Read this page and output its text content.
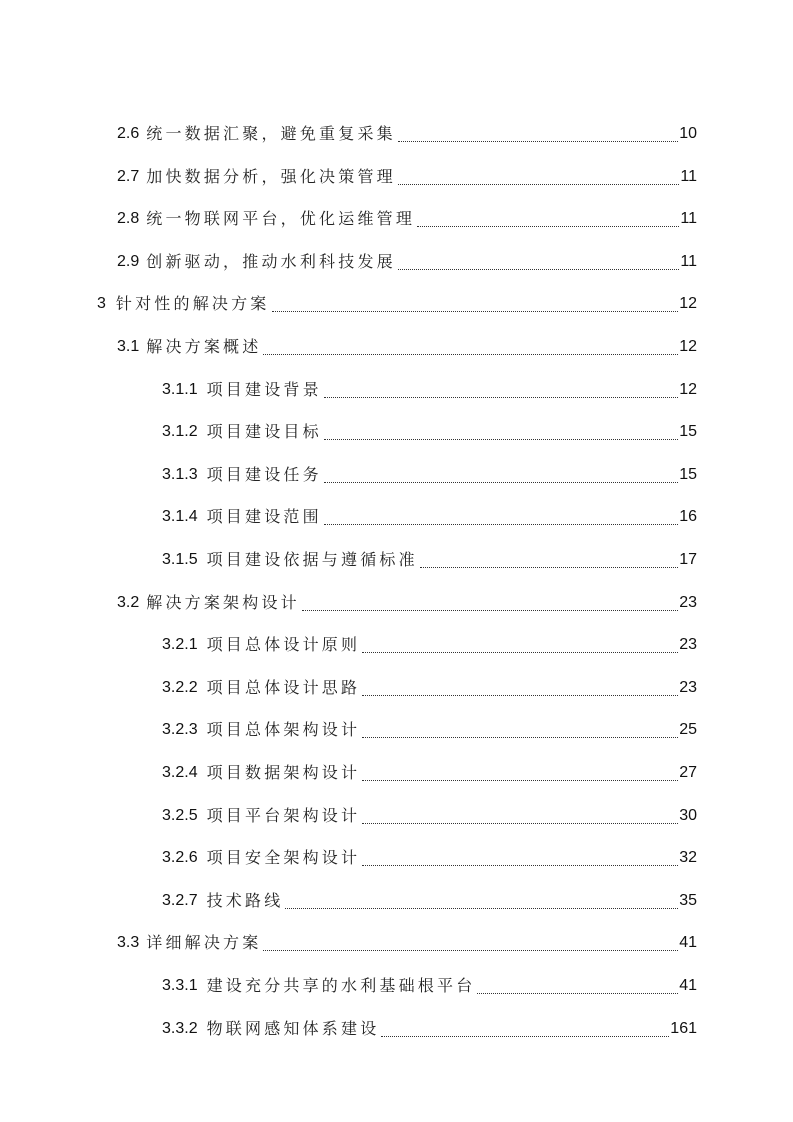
2.6 统一数据汇聚，避免重复采集	10
2.7 加快数据分析，强化决策管理	11
2.8 统一物联网平台，优化运维管理	11
2.9 创新驱动，推动水利科技发展	11
3 针对性的解决方案	12
3.1 解决方案概述	12
3.1.1 项目建设背景	12
3.1.2 项目建设目标	15
3.1.3 项目建设任务	15
3.1.4 项目建设范围	16
3.1.5 项目建设依据与遵循标准	17
3.2 解决方案架构设计	23
3.2.1 项目总体设计原则	23
3.2.2 项目总体设计思路	23
3.2.3 项目总体架构设计	25
3.2.4 项目数据架构设计	27
3.2.5 项目平台架构设计	30
3.2.6 项目安全架构设计	32
3.2.7 技术路线	35
3.3 详细解决方案	41
3.3.1 建设充分共享的水利基础根平台	41
3.3.2 物联网感知体系建设	161
